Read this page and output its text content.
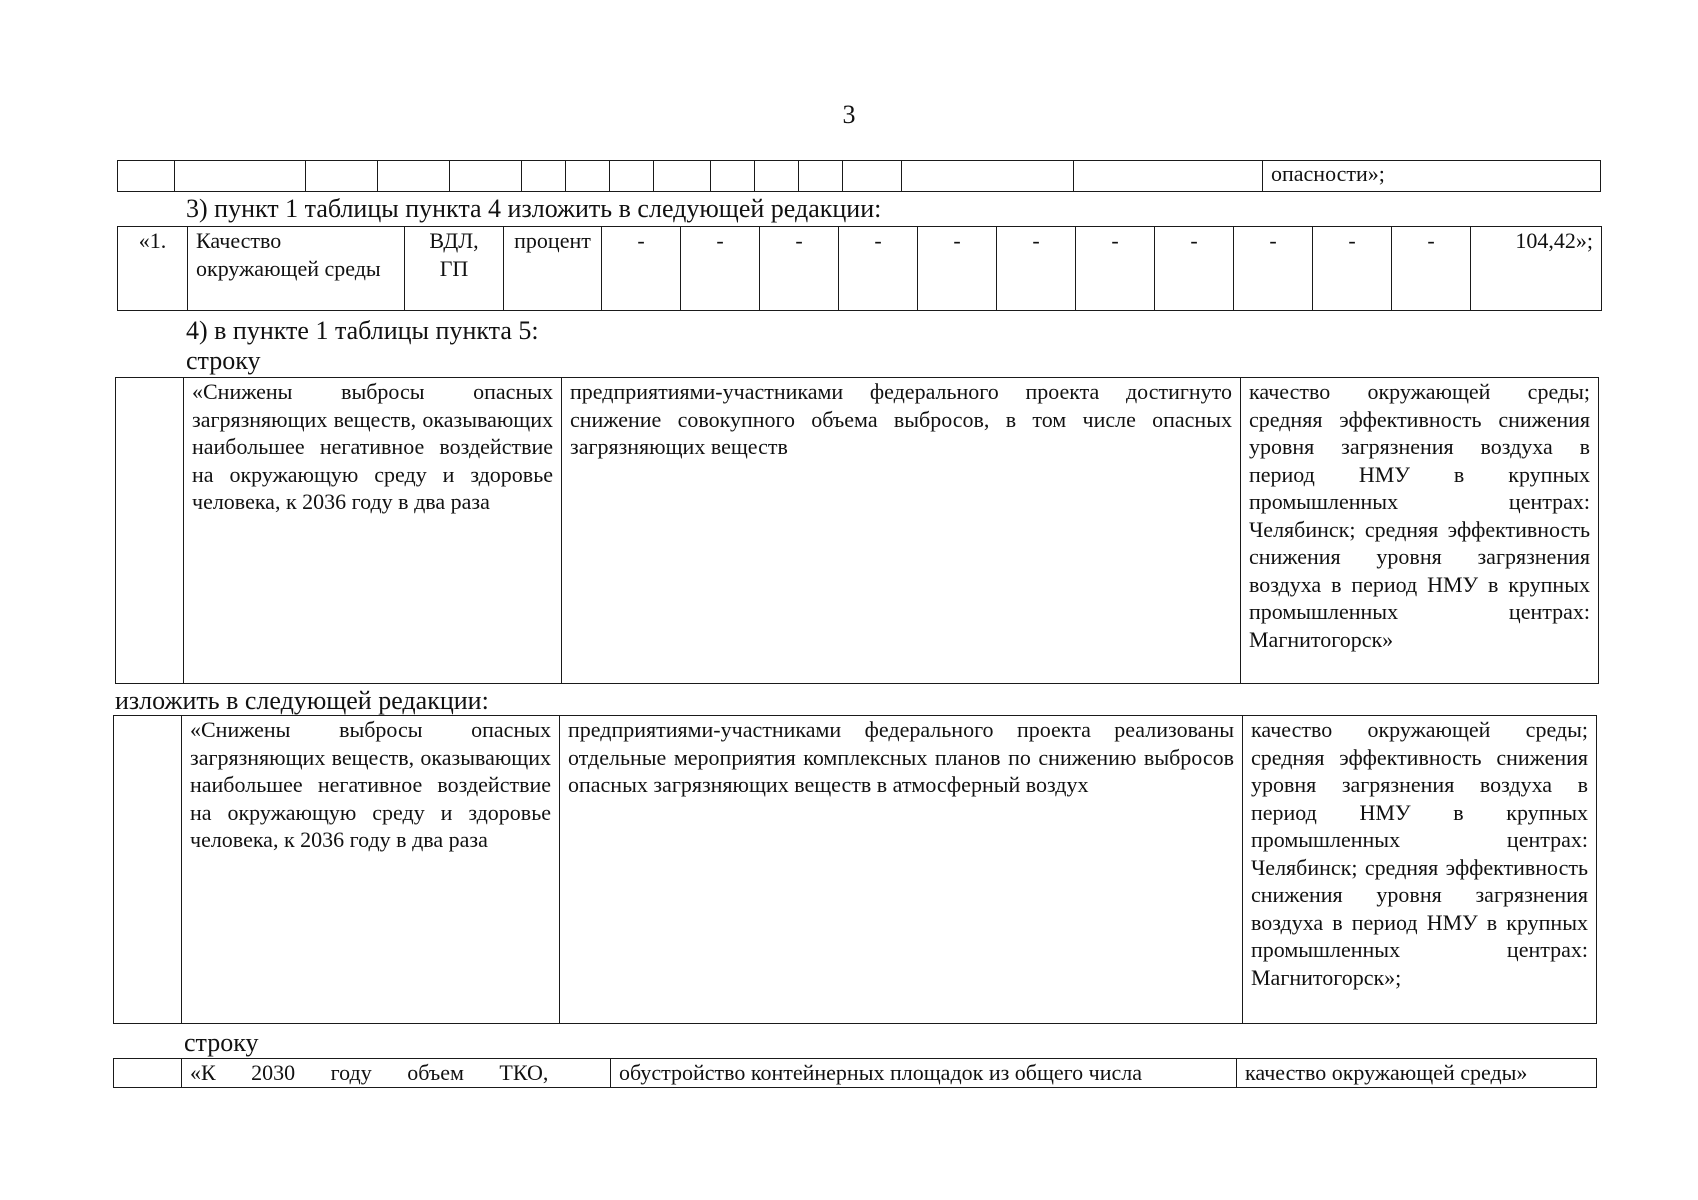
3
															опасности»;
3) пункт 1 таблицы пункта 4 изложить в следующей редакции:
«1.	Качество окружающей среды	ВДЛ, ГП	процент	-	-	-	-	-	-	-	-	-	-	-	104,42»;
4) в пункте 1 таблицы пункта 5:
строку
	«Снижены выбросы опасных загрязняющих веществ, оказывающих наибольшее негативное воздействие на окружающую среду и здоровье человека, к 2036 году в два раза	предприятиями-участниками федерального проекта достигнуто снижение совокупного объема выбросов, в том числе опасных загрязняющих веществ	качество окружающей среды; средняя эффективность снижения уровня загрязнения воздуха в период НМУ в крупных промышленных центрах: Челябинск; средняя эффективность снижения уровня загрязнения воздуха в период НМУ в крупных промышленных центрах: Магнитогорск»
изложить в следующей редакции:
	«Снижены выбросы опасных загрязняющих веществ, оказывающих наибольшее негативное воздействие на окружающую среду и здоровье человека, к 2036 году в два раза	предприятиями-участниками федерального проекта реализованы отдельные мероприятия комплексных планов по снижению выбросов опасных загрязняющих веществ в атмосферный воздух	качество окружающей среды; средняя эффективность снижения уровня загрязнения воздуха в период НМУ в крупных промышленных центрах: Челябинск; средняя эффективность снижения уровня загрязнения воздуха в период НМУ в крупных промышленных центрах: Магнитогорск»;
строку
	«К 2030 году объем ТКО,	обустройство контейнерных площадок из общего числа	качество окружающей среды»
